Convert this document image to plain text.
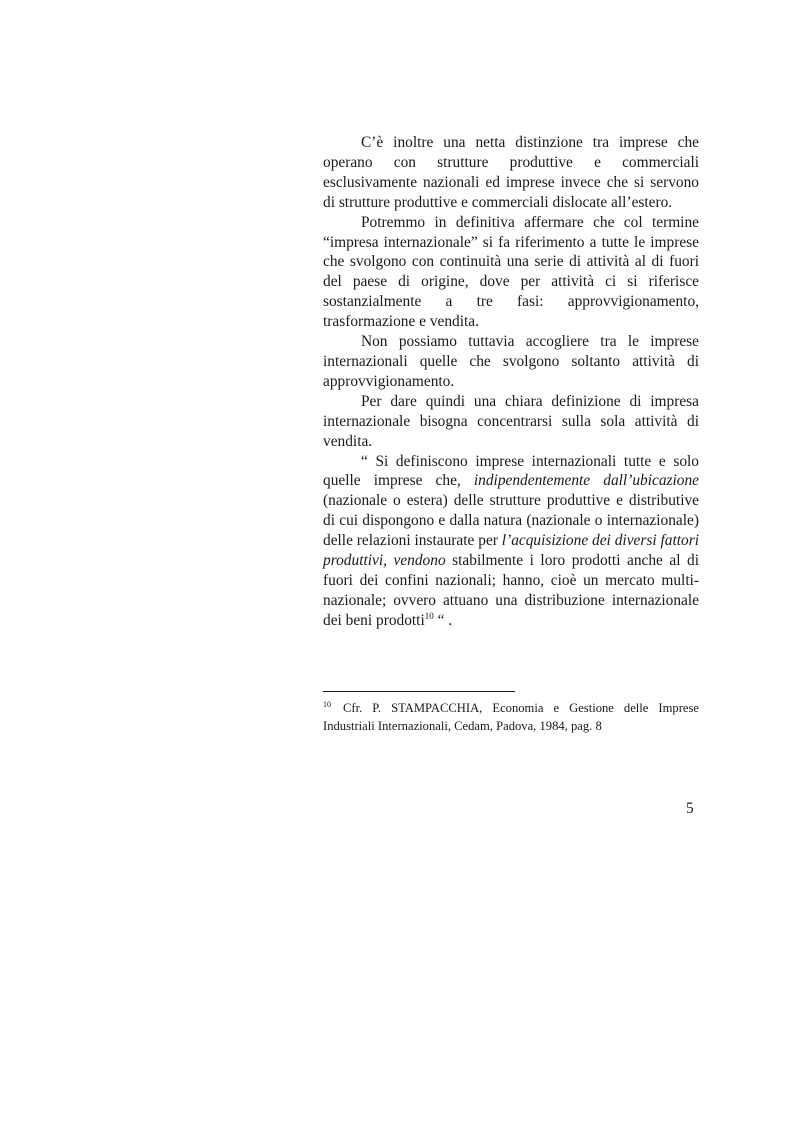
C’è inoltre una netta distinzione tra imprese che operano con strutture produttive e commerciali esclusivamente nazionali ed imprese invece che si servono di strutture produttive e commerciali dislocate all’estero.

Potremmo in definitiva affermare che col termine “impresa internazionale” si fa riferimento a tutte le imprese che svolgono con continuità una serie di attività al di fuori del paese di origine, dove per attività ci si riferisce sostanzialmente a tre fasi: approvvigionamento, trasformazione e vendita.

Non possiamo tuttavia accogliere tra le imprese internazionali quelle che svolgono soltanto attività di approvvigionamento.

Per dare quindi una chiara definizione di impresa internazionale bisogna concentrarsi sulla sola attività di vendita.

“ Si definiscono imprese internazionali tutte e solo quelle imprese che, indipendentemente dall’ubicazione (nazionale o estera) delle strutture produttive e distributive di cui dispongono e dalla natura (nazionale o internazionale) delle relazioni instaurate per l’acquisizione dei diversi fattori produttivi, vendono stabilmente i loro prodotti anche al di fuori dei confini nazionali; hanno, cioè un mercato multi-nazionale; ovvero attuano una distribuzione internazionale dei beni prodotti$^{10}$ “ .

$^{10}$ Cfr. P. STAMPACCHIA, Economia e Gestione delle Imprese Industriali Internazionali, Cedam, Padova, 1984, pag. 8

5
